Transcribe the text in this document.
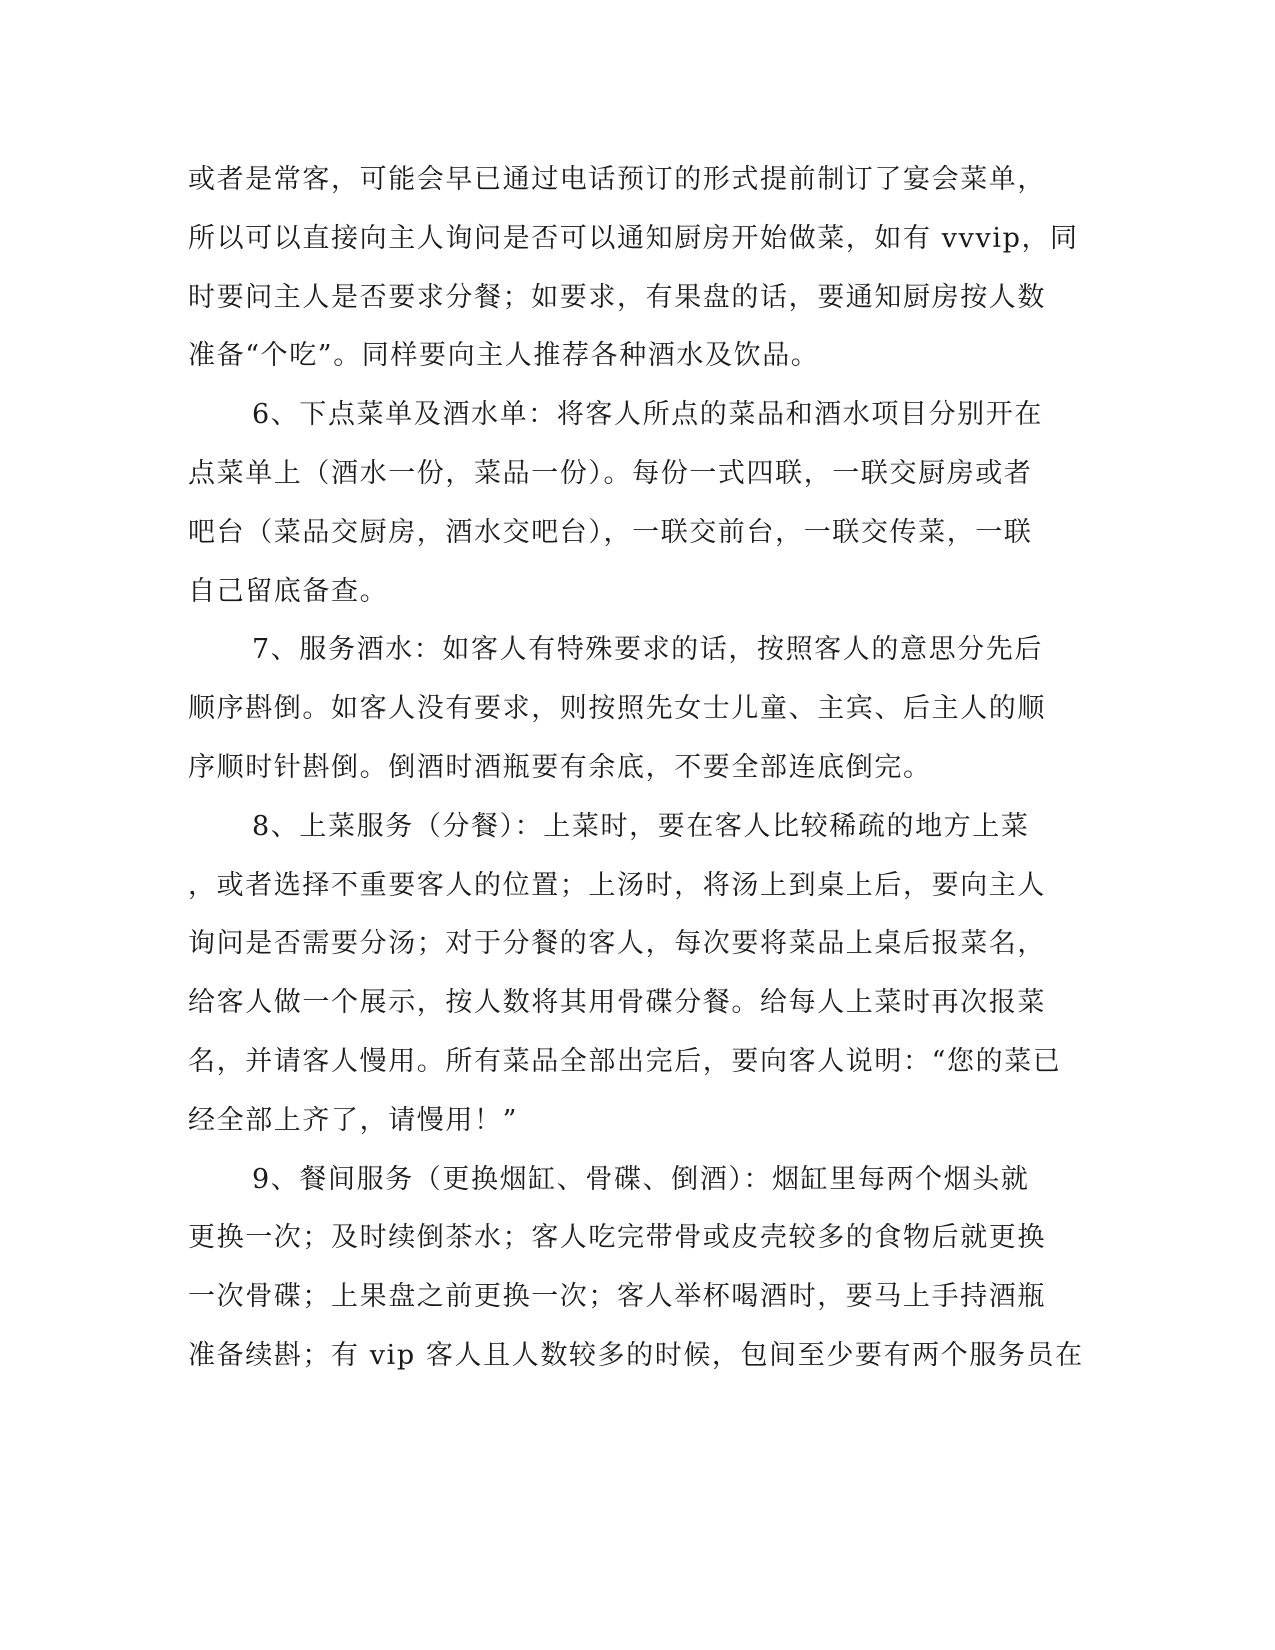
或者是常客，可能会早已通过电话预订的形式提前制订了宴会菜单，
所以可以直接向主人询问是否可以通知厨房开始做菜，如有 vvvip，同
时要问主人是否要求分餐；如要求，有果盘的话，要通知厨房按人数
准备“个吃”。同样要向主人推荐各种酒水及饮品。
6、下点菜单及酒水单：将客人所点的菜品和酒水项目分别开在
点菜单上（酒水一份，菜品一份）。每份一式四联，一联交厨房或者
吧台（菜品交厨房，酒水交吧台），一联交前台，一联交传菜，一联
自己留底备查。
7、服务酒水：如客人有特殊要求的话，按照客人的意思分先后
顺序斟倒。如客人没有要求，则按照先女士儿童、主宾、后主人的顺
序顺时针斟倒。倒酒时酒瓶要有余底，不要全部连底倒完。
8、上菜服务（分餐）：上菜时，要在客人比较稀疏的地方上菜
，或者选择不重要客人的位置；上汤时，将汤上到桌上后，要向主人
询问是否需要分汤；对于分餐的客人，每次要将菜品上桌后报菜名，
给客人做一个展示，按人数将其用骨碟分餐。给每人上菜时再次报菜
名，并请客人慢用。所有菜品全部出完后，要向客人说明：“您的菜已
经全部上齐了，请慢用！”
9、餐间服务（更换烟缸、骨碟、倒酒）：烟缸里每两个烟头就
更换一次；及时续倒茶水；客人吃完带骨或皮壳较多的食物后就更换
一次骨碟；上果盘之前更换一次；客人举杯喝酒时，要马上手持酒瓶
准备续斟；有 vip 客人且人数较多的时候，包间至少要有两个服务员在
